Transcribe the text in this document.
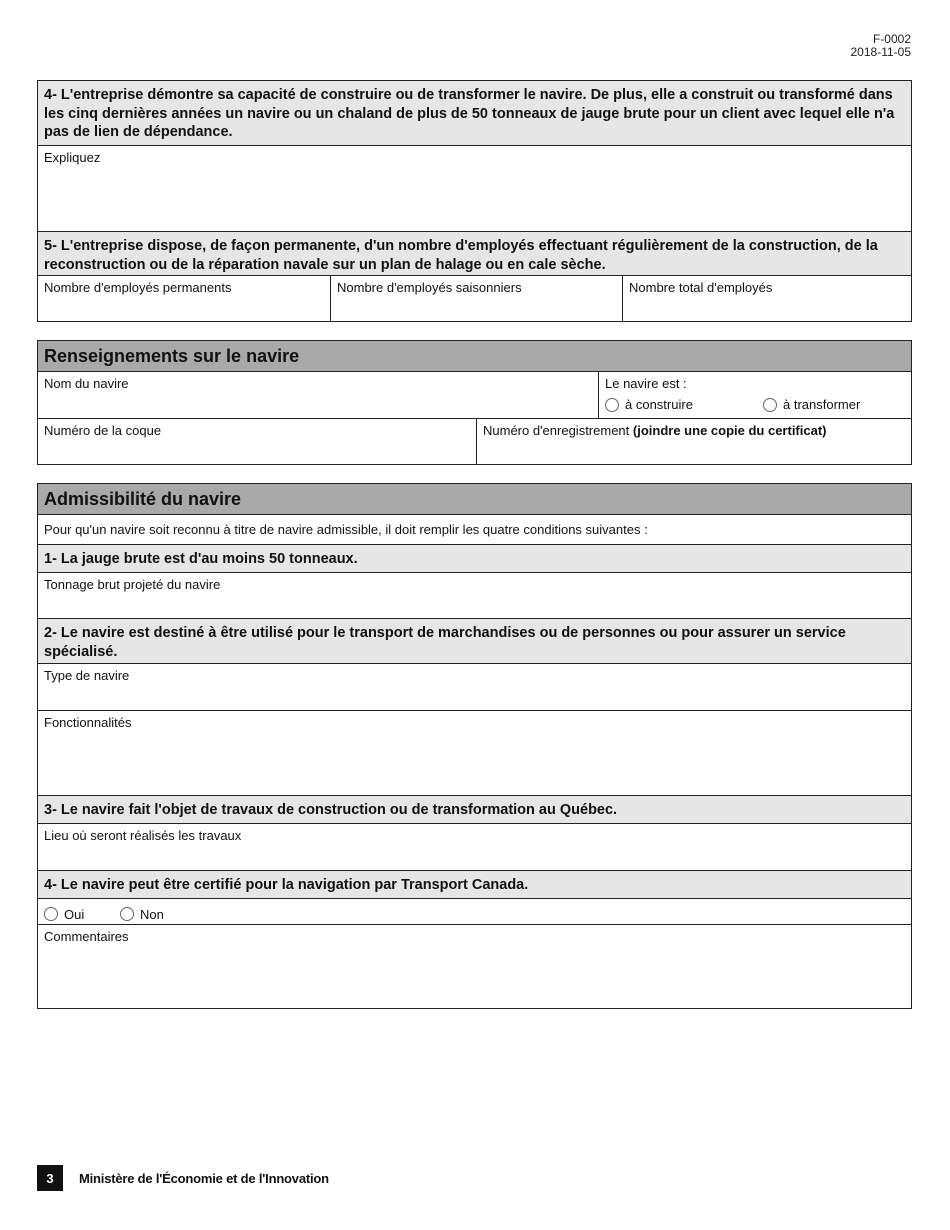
F-0002
2018-11-05
4- L'entreprise démontre sa capacité de construire ou de transformer le navire. De plus, elle a construit ou transformé dans les cinq dernières années un navire ou un chaland de plus de 50 tonneaux de jauge brute pour un client avec lequel elle n'a pas de lien de dépendance.
Expliquez
5- L'entreprise dispose, de façon permanente, d'un nombre d'employés effectuant régulièrement de la construction, de la reconstruction ou de la réparation navale sur un plan de halage ou en cale sèche.
Nombre d'employés permanents	Nombre d'employés saisonniers	Nombre total d'employés
Renseignements sur le navire
Nom du navire	Le navire est :
à construire	à transformer
Numéro de la coque	Numéro d'enregistrement (joindre une copie du certificat)
Admissibilité du navire
Pour qu'un navire soit reconnu à titre de navire admissible, il doit remplir les quatre conditions suivantes :
1- La jauge brute est d'au moins 50 tonneaux.
Tonnage brut projeté du navire
2- Le navire est destiné à être utilisé pour le transport de marchandises ou de personnes ou pour assurer un service spécialisé.
Type de navire
Fonctionnalités
3- Le navire fait l'objet de travaux de construction ou de transformation au Québec.
Lieu où seront réalisés les travaux
4- Le navire peut être certifié pour la navigation par Transport Canada.
Oui	Non
Commentaires
3	Ministère de l'Économie et de l'Innovation
